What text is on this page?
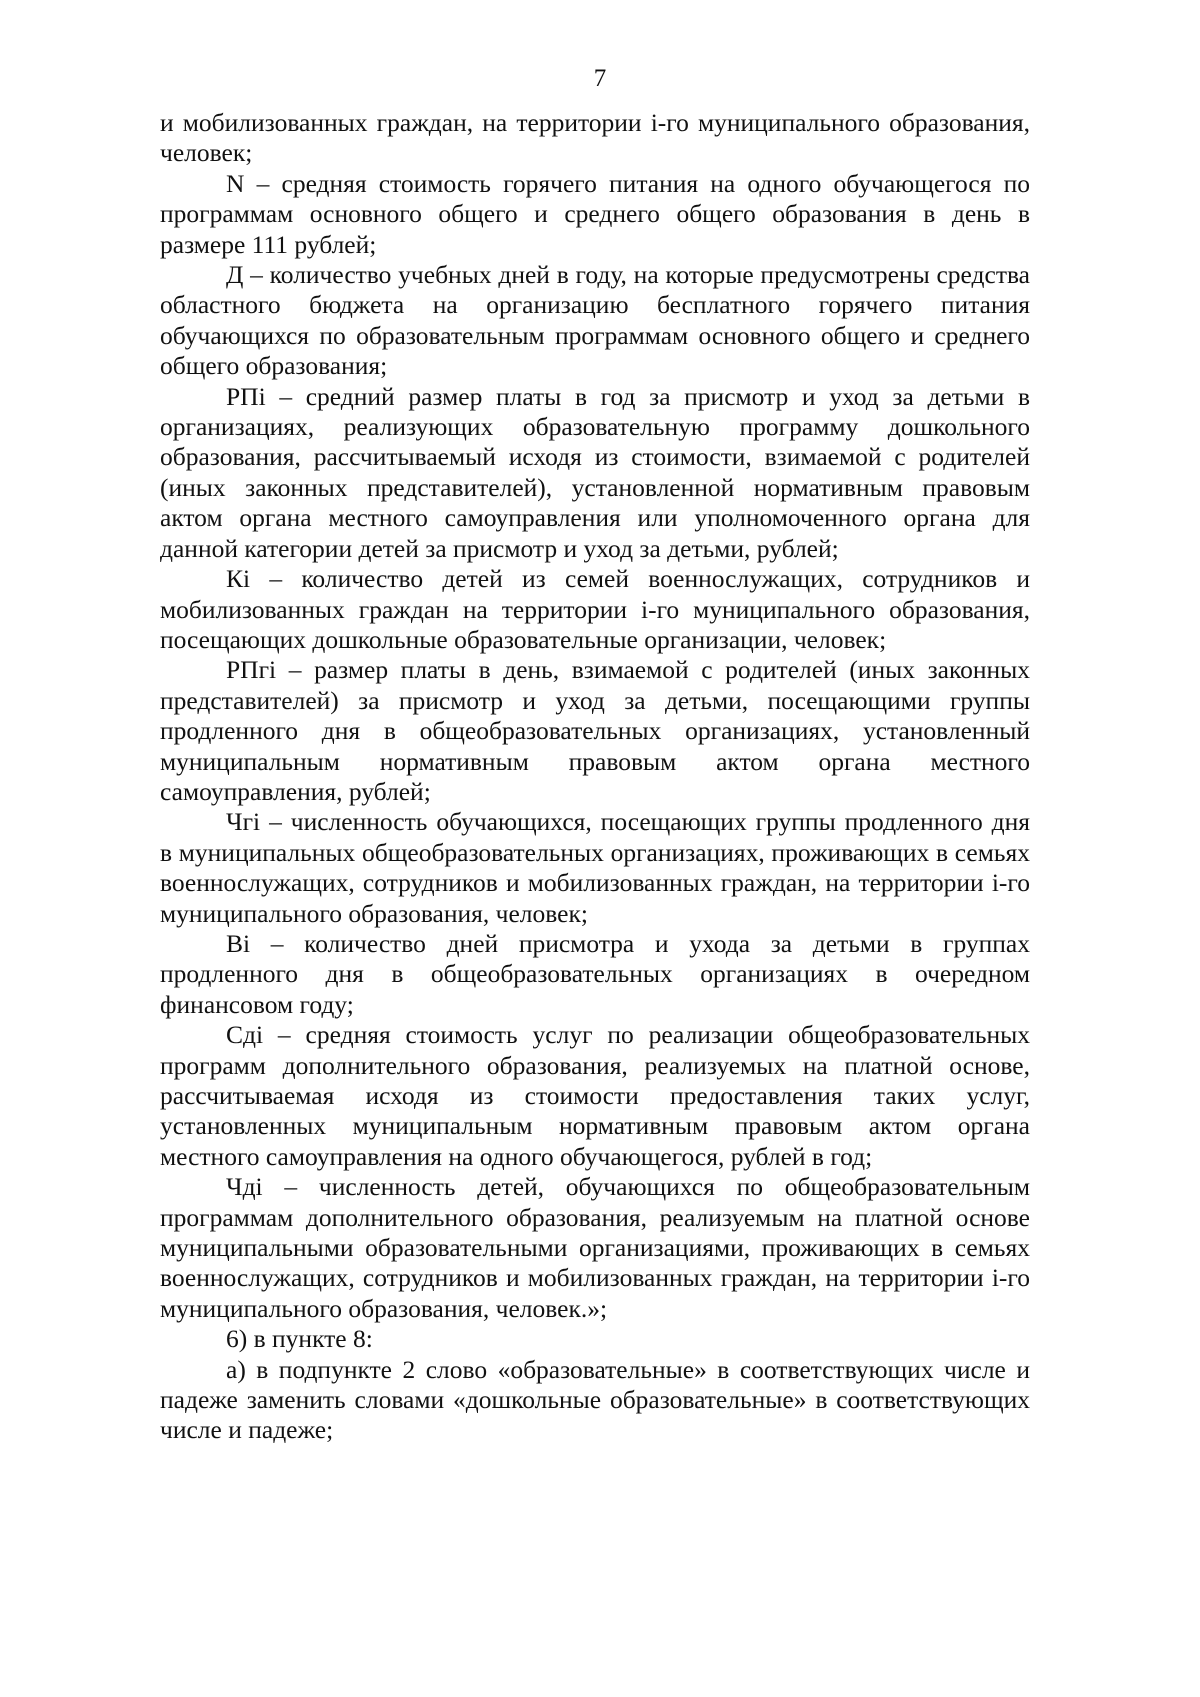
7

и мобилизованных граждан, на территории i-го муниципального образования, человек;

N – средняя стоимость горячего питания на одного обучающегося по программам основного общего и среднего общего образования в день в размере 111 рублей;

Д – количество учебных дней в году, на которые предусмотрены средства областного бюджета на организацию бесплатного горячего питания обучающихся по образовательным программам основного общего и среднего общего образования;

РПi – средний размер платы в год за присмотр и уход за детьми в организациях, реализующих образовательную программу дошкольного образования, рассчитываемый исходя из стоимости, взимаемой с родителей (иных законных представителей), установленной нормативным правовым актом органа местного самоуправления или уполномоченного органа для данной категории детей за присмотр и уход за детьми, рублей;

Кi – количество детей из семей военнослужащих, сотрудников и мобилизованных граждан на территории i-го муниципального образования, посещающих дошкольные образовательные организации, человек;

РПгi – размер платы в день, взимаемой с родителей (иных законных представителей) за присмотр и уход за детьми, посещающими группы продленного дня в общеобразовательных организациях, установленный муниципальным нормативным правовым актом органа местного самоуправления, рублей;

Чгi – численность обучающихся, посещающих группы продленного дня в муниципальных общеобразовательных организациях, проживающих в семьях военнослужащих, сотрудников и мобилизованных граждан, на территории i-го муниципального образования, человек;

Вi – количество дней присмотра и ухода за детьми в группах продленного дня в общеобразовательных организациях в очередном финансовом году;

Сдi – средняя стоимость услуг по реализации общеобразовательных программ дополнительного образования, реализуемых на платной основе, рассчитываемая исходя из стоимости предоставления таких услуг, установленных муниципальным нормативным правовым актом органа местного самоуправления на одного обучающегося, рублей в год;

Чдi – численность детей, обучающихся по общеобразовательным программам дополнительного образования, реализуемым на платной основе муниципальными образовательными организациями, проживающих в семьях военнослужащих, сотрудников и мобилизованных граждан, на территории i-го муниципального образования, человек.»;

6) в пункте 8:

а) в подпункте 2 слово «образовательные» в соответствующих числе и падеже заменить словами «дошкольные образовательные» в соответствующих числе и падеже;
